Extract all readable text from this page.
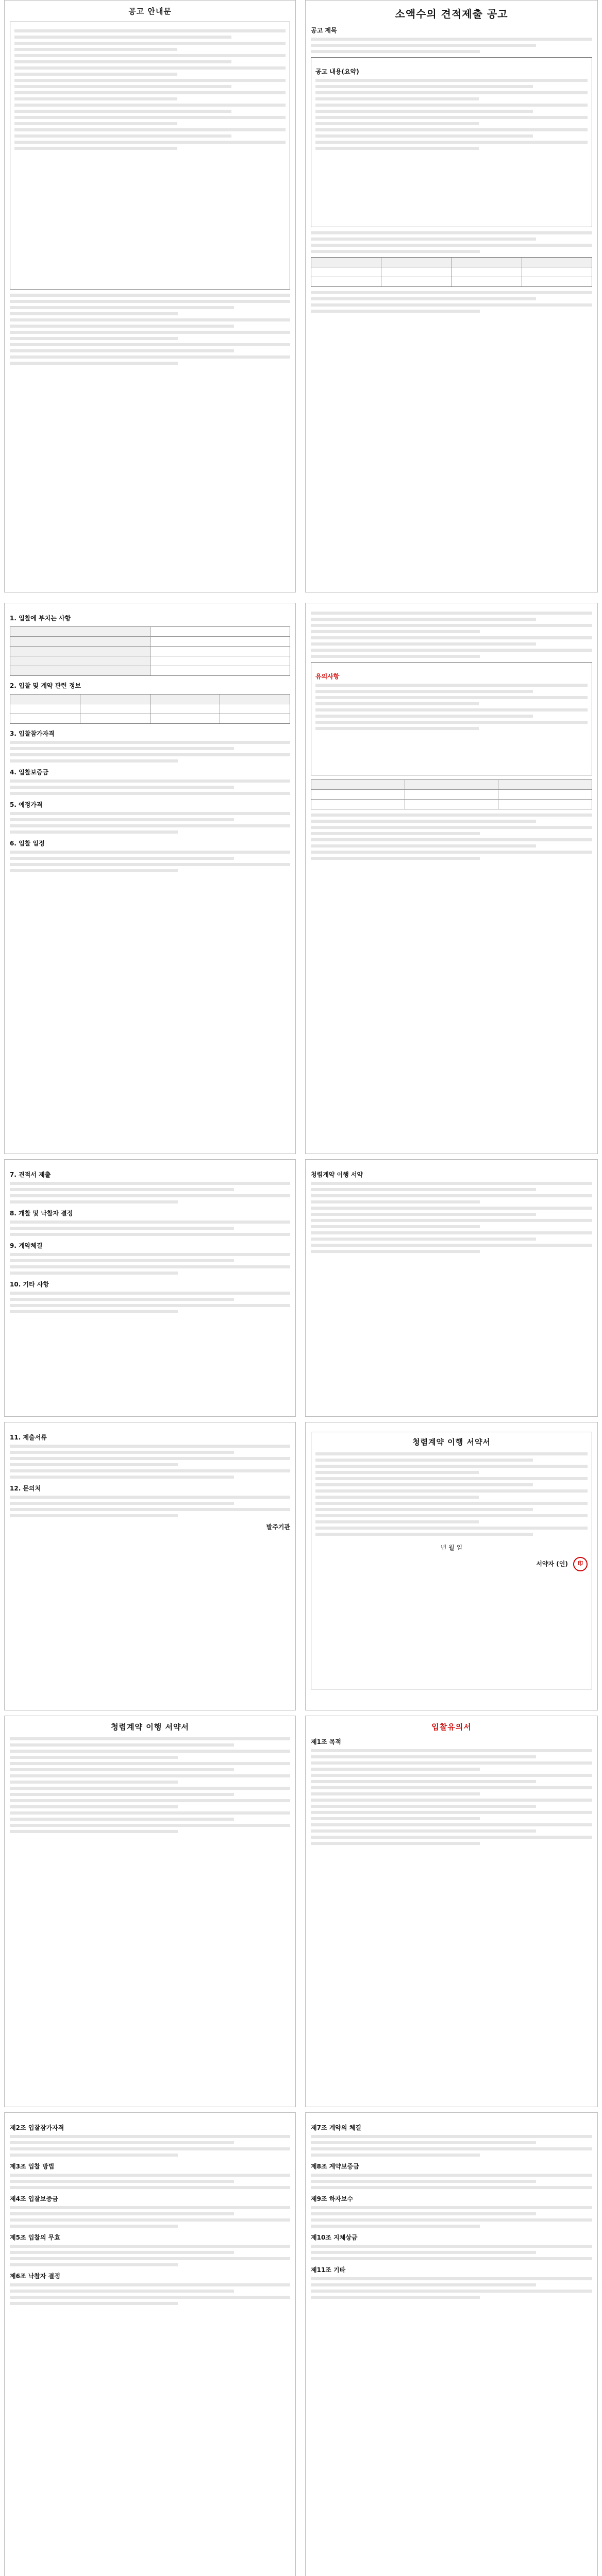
공고 안내문	소액수의 견적제출 공고
공고 제목
공고 내용(요약)
1. 입찰에 부치는 사항
2. 입찰 및 계약 관련 정보
3. 입찰참가자격
4. 입찰보증금
5. 예정가격
6. 입찰 일정
유의사항
7. 견적서 제출
8. 개찰 및 낙찰자 결정
9. 계약체결
10. 기타 사항
청렴계약 이행 서약
11. 제출서류
12. 문의처
발주기관
청렴계약 이행 서약서
년 월 일
서약자 (인) 印
청렴계약 이행 서약서	입찰유의서
제1조 목적
제2조 입찰참가자격
제3조 입찰 방법
제4조 입찰보증금
제5조 입찰의 무효
제6조 낙찰자 결정
제7조 계약의 체결
제8조 계약보증금
제9조 하자보수
제10조 지체상금
제11조 기타
